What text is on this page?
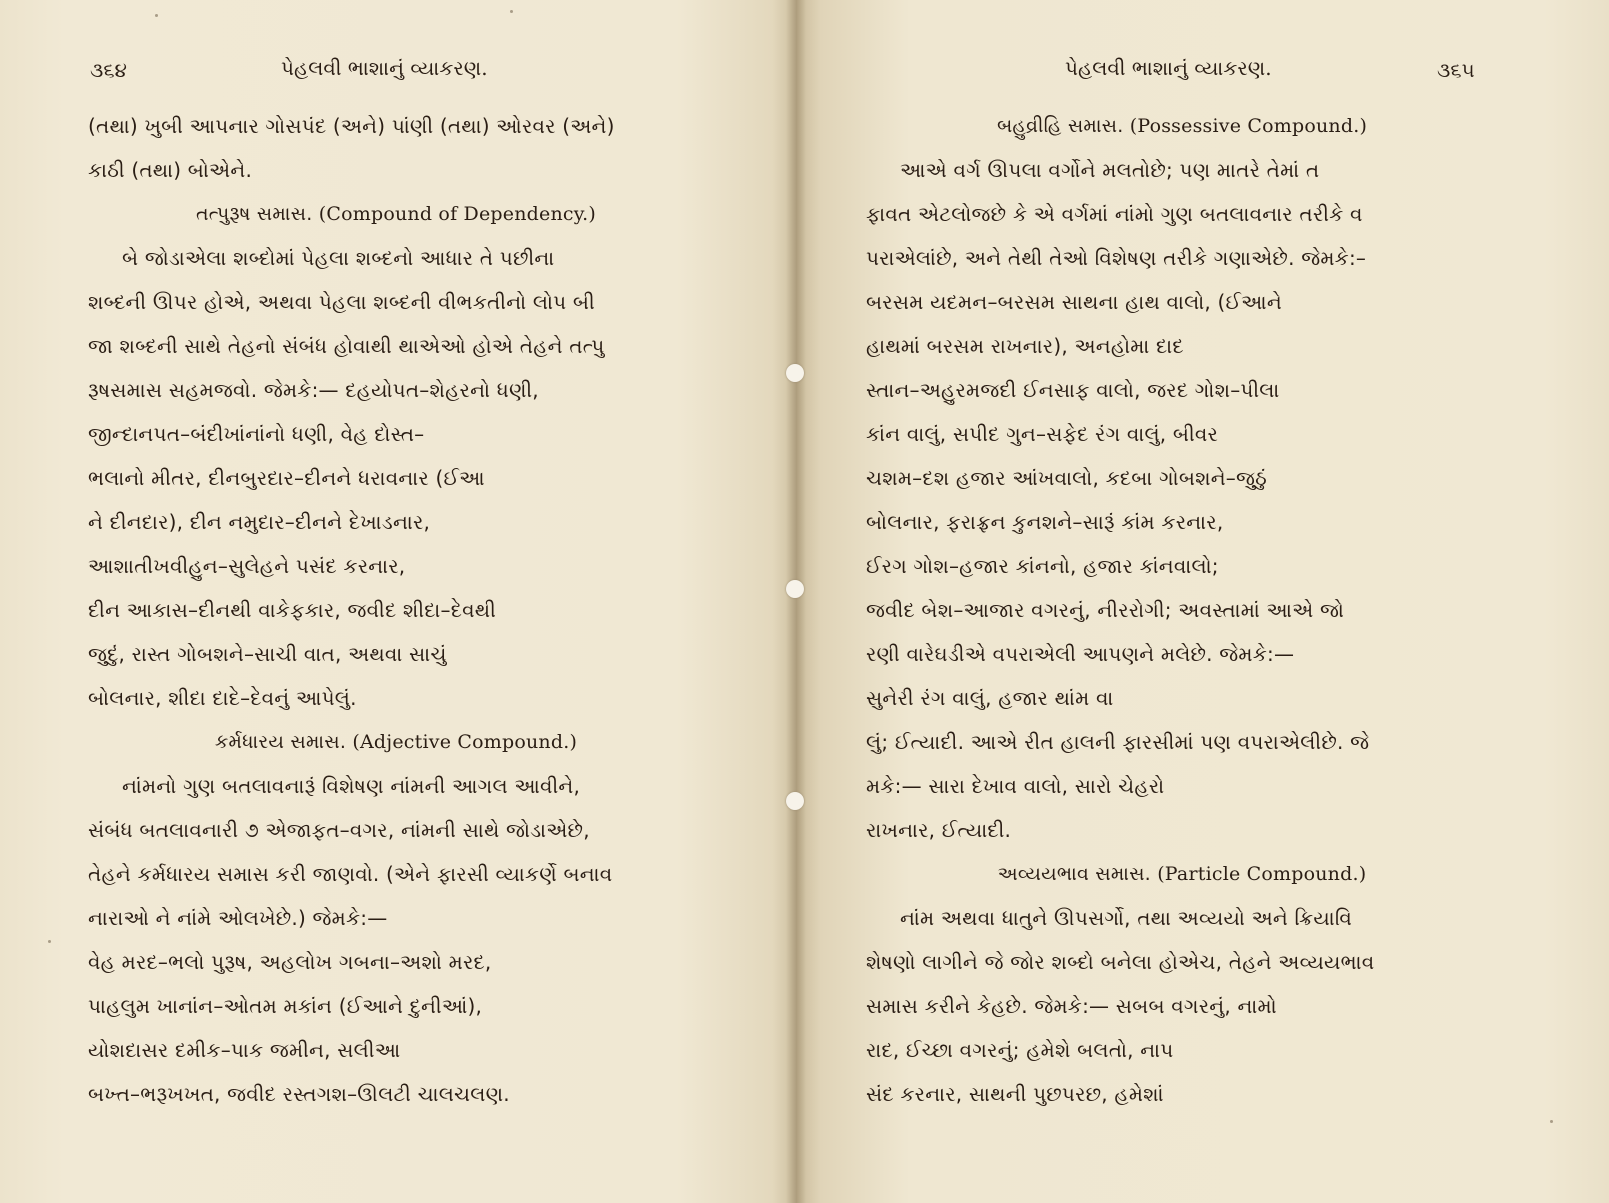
૩૬૪	પેહલવી ભાશાનું વ્યાકરણ.
(તથા) ખુબી આપનાર ગોસપંદ (અને) પાંણી (તથા) ઓરવર (અને)
કાઠી (તથા) બોએને.
તત્પુરૂષ સમાસ. (Compound of Dependency.)
બે જોડાએલા શબ્દોમાં પેહલા શબ્દનો આધાર તે પછીના
શબ્દની ઊપર હોએ, અથવા પેહલા શબ્દની વીભકતીનો લોપ બી
જા શબ્દની સાથે તેહનો સંબંધ હોવાથી થાએઓ હોએ તેહને તત્પુ
રૂષસમાસ સહમજવો. જેમકે:— દહયોપત–શેહરનો ધણી,
જીન્દાનપત–બંદીખાંનાંનો ધણી, વેહ દોસ્ત–
ભલાનો મીતર, દીનબુરદાર–દીનને ધરાવનાર (ઈઆ
ને દીનદાર), દીન નમુદાર–દીનને દેખાડનાર,
આશાતીખવીહુન–સુલેહને પસંદ કરનાર,
દીન આકાસ–દીનથી વાકેફકાર, જવીદ શીદા–દેવથી
જુદું, રાસ્ત ગોબશને–સાચી વાત, અથવા સાચું
બોલનાર, શીદા દાદે–દેવનું આપેલું.
કર્મધારય સમાસ. (Adjective Compound.)
નાંમનો ગુણ બતલાવનારૂં વિશેષણ નાંમની આગલ આવીને,
સંબંધ બતલાવનારી ૭ એજાફત–વગર, નાંમની સાથે જોડાએછે,
તેહને કર્મધારય સમાસ કરી જાણવો. (એને ફારસી વ્યાકર્ણે બનાવ
નારાઓ ને નાંમે ઓલખેછે.) જેમકે:—
વેહ મરદ–ભલો પુરૂષ, અહલોખ ગબના–અશો મરદ,
પાહલુમ ખાનાંન–ઓતમ મકાંન (ઈઆને દુનીઆં),
યોશદાસર દમીક–પાક જમીન, સલીઆ
બખ્ત–ભરૂખખત, જવીદ રસ્તગશ–ઊલટી ચાલચલણ.
પેહલવી ભાશાનું વ્યાકરણ.	૩૬૫
બહુવ્રીહિ સમાસ. (Possessive Compound.)
આએ વર્ગ ઊપલા વર્ગોને મલતોછે; પણ માતરે તેમાં ત
ફાવત એટલોજછે કે એ વર્ગમાં નાંમો ગુણ બતલાવનાર તરીકે વ
પરાએલાંછે, અને તેથી તેઓ વિશેષણ તરીકે ગણાએછે. જેમકે:–
બરસમ યદમન–બરસમ સાથના હાથ વાલો, (ઈઆને
હાથમાં બરસમ રાખનાર), અનહોમા દાદ
સ્તાન–અહુરમજદી ઈનસાફ વાલો, જરદ ગોશ–પીલા
કાંન વાલું, સપીદ ગુન–સફેદ રંગ વાલું, બીવર
ચશમ–દશ હજાર આંખવાલો, કદબા ગોબશને–જુઠું
બોલનાર, ફરાફ્રન કુનશને–સારૂં કાંમ કરનાર,
ઈરગ ગોશ–હજાર કાંનનો, હજાર કાંનવાલો;
જવીદ બેશ–આજાર વગરનું, નીરરોગી; અવસ્તામાં આએ જો
રણી વારેઘડીએ વપરાએલી આપણને મલેછે. જેમકે:—
સુનેરી રંગ વાલું, હજાર થાંમ વા
લું; ઈત્યાદી. આએ રીત હાલની ફારસીમાં પણ વપરાએલીછે. જે
મકે:— સારા દેખાવ વાલો, સારો ચેહરો
રાખનાર, ઈત્યાદી.
અવ્યયભાવ સમાસ. (Particle Compound.)
નાંમ અથવા ધાતુને ઊપસર્ગો, તથા અવ્યયો અને ક્રિયાવિ
શેષણો લાગીને જે જોર શબ્દો બનેલા હોએચ, તેહને અવ્યયભાવ
સમાસ કરીને કેહછે. જેમકે:— સબબ વગરનું, નામો
રાદ, ઈચ્છા વગરનું; હમેશે બલતો, નાપ
સંદ કરનાર, સાથની પુછપરછ, હમેશાં
